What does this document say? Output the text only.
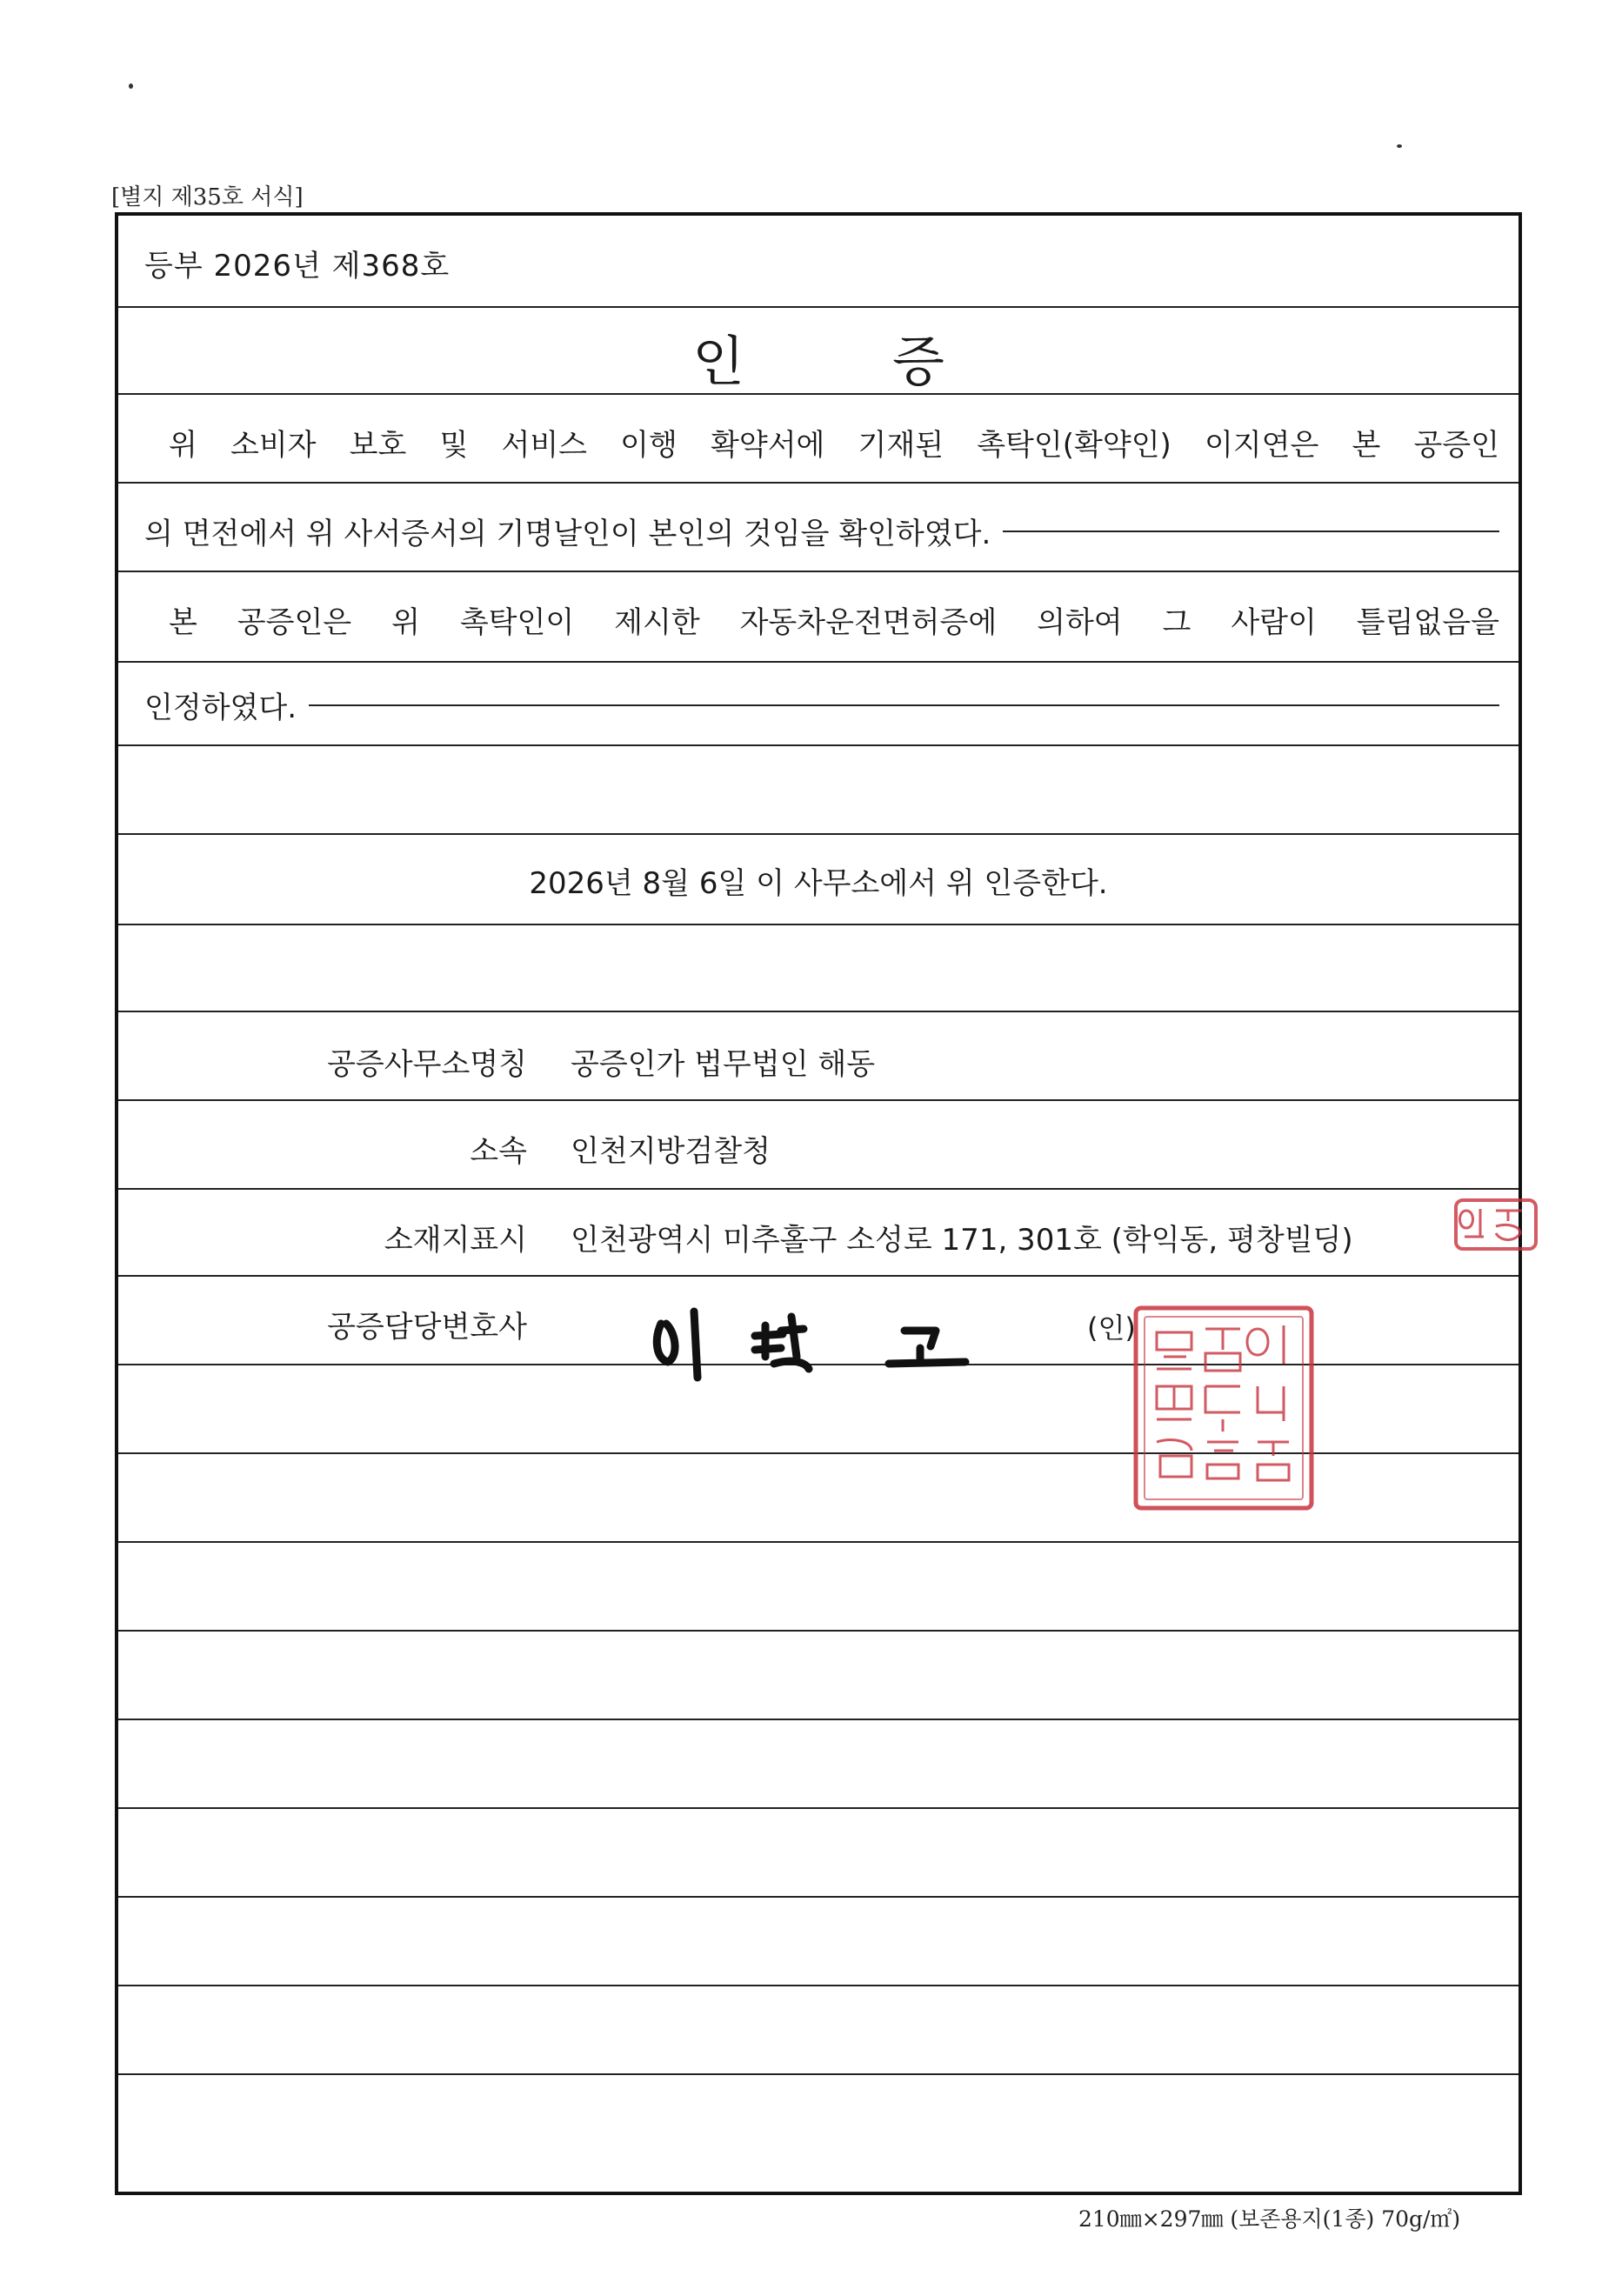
[별지 제35호 서식]
등부 2026년 제368호
인증
위 소비자 보호 및 서비스 이행 확약서에 기재된 촉탁인(확약인) 이지연은 본 공증인
의 면전에서 위 사서증서의 기명날인이 본인의 것임을 확인하였다.
본 공증인은 위 촉탁인이 제시한 자동차운전면허증에 의하여 그 사람이 틀림없음을
인정하였다.
2026년 8월 6일 이 사무소에서 위 인증한다.
공증사무소명칭 공증인가 법무법인 해동
소속 인천지방검찰청
소재지표시 인천광역시 미추홀구 소성로 171, 301호 (학익동, 평창빌딩)
공증담당변호사	(인)
210㎜×297㎜ (보존용지(1종) 70g/㎡)
